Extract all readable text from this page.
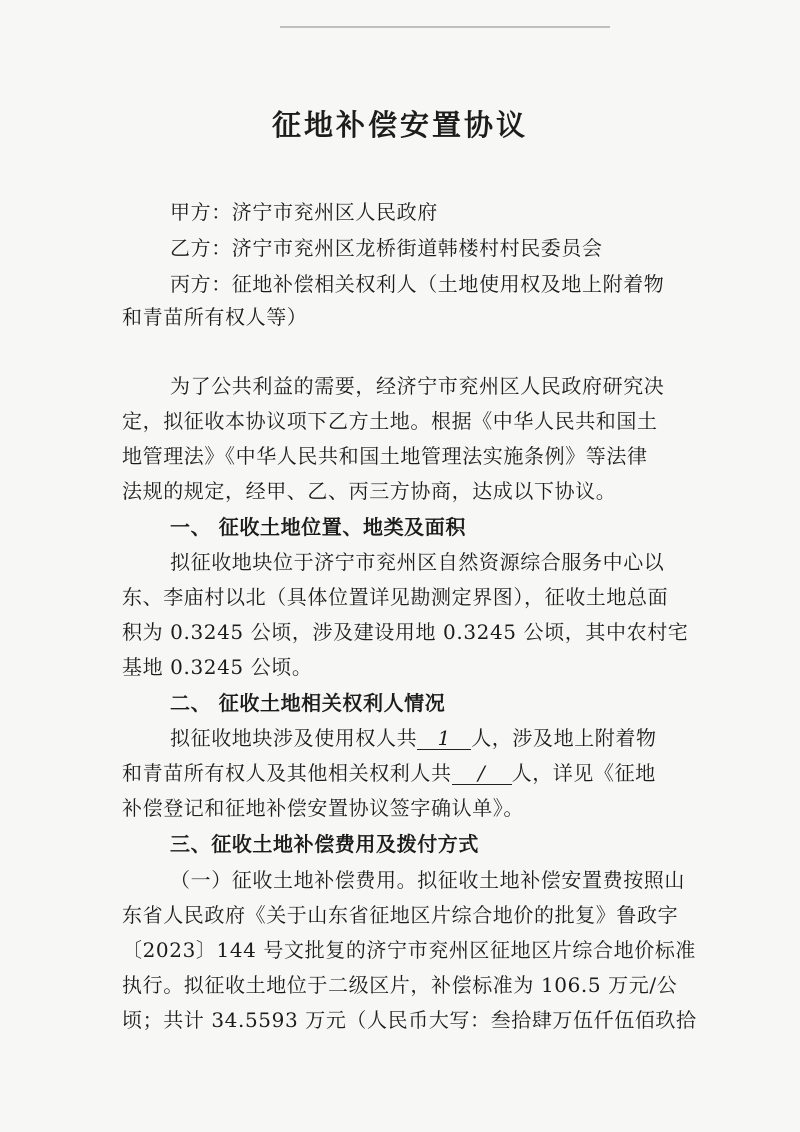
征地补偿安置协议
甲方：济宁市兖州区人民政府
乙方：济宁市兖州区龙桥街道韩楼村村民委员会
丙方：征地补偿相关权利人（土地使用权及地上附着物
和青苗所有权人等）
为了公共利益的需要，经济宁市兖州区人民政府研究决
定，拟征收本协议项下乙方土地。根据《中华人民共和国土
地管理法》《中华人民共和国土地管理法实施条例》等法律
法规的规定，经甲、乙、丙三方协商，达成以下协议。
一、 征收土地位置、地类及面积
拟征收地块位于济宁市兖州区自然资源综合服务中心以
东、李庙村以北（具体位置详见勘测定界图），征收土地总面
积为 0.3245 公顷，涉及建设用地 0.3245 公顷，其中农村宅
基地 0.3245 公顷。
二、 征收土地相关权利人情况
拟征收地块涉及使用权人共 1 人，涉及地上附着物
和青苗所有权人及其他相关权利人共 / 人，详见《征地
补偿登记和征地补偿安置协议签字确认单》。
三、征收土地补偿费用及拨付方式
（一）征收土地补偿费用。拟征收土地补偿安置费按照山
东省人民政府《关于山东省征地区片综合地价的批复》鲁政字
〔2023〕144 号文批复的济宁市兖州区征地区片综合地价标准
执行。拟征收土地位于二级区片，补偿标准为 106.5 万元/公
顷；共计 34.5593 万元（人民币大写：叁拾肆万伍仟伍佰玖拾
